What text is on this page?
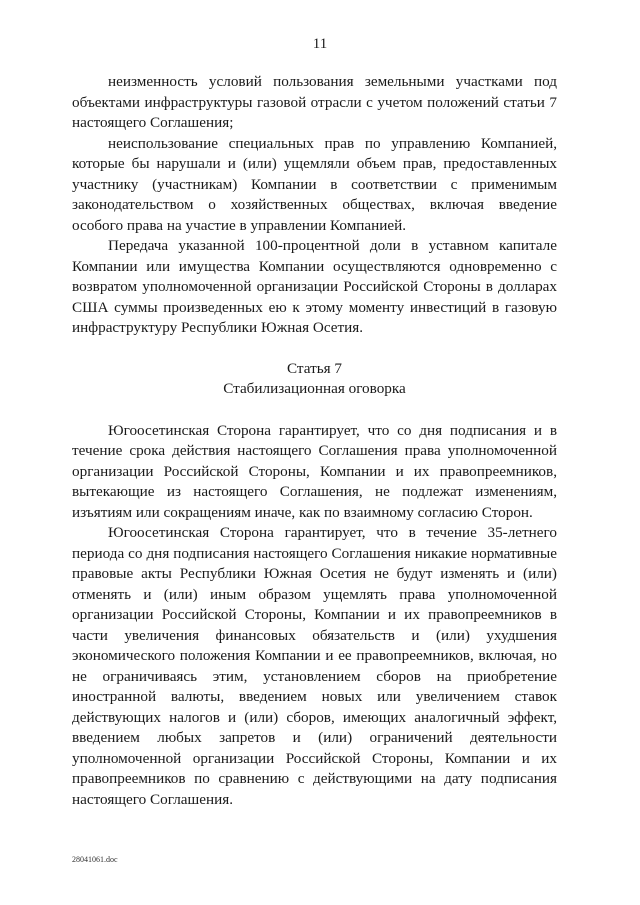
11

неизменность условий пользования земельными участками под объектами инфраструктуры газовой отрасли с учетом положений статьи 7 настоящего Соглашения;

неиспользование специальных прав по управлению Компанией, которые бы нарушали и (или) ущемляли объем прав, предоставленных участнику (участникам) Компании в соответствии с применимым законодательством о хозяйственных обществах, включая введение особого права на участие в управлении Компанией.

Передача указанной 100-процентной доли в уставном капитале Компании или имущества Компании осуществляются одновременно с возвратом уполномоченной организации Российской Стороны в долларах США суммы произведенных ею к этому моменту инвестиций в газовую инфраструктуру Республики Южная Осетия.

Статья 7
Стабилизационная оговорка

Югоосетинская Сторона гарантирует, что со дня подписания и в течение срока действия настоящего Соглашения права уполномоченной организации Российской Стороны, Компании и их правопреемников, вытекающие из настоящего Соглашения, не подлежат изменениям, изъятиям или сокращениям иначе, как по взаимному согласию Сторон.

Югоосетинская Сторона гарантирует, что в течение 35-летнего периода со дня подписания настоящего Соглашения никакие нормативные правовые акты Республики Южная Осетия не будут изменять и (или) отменять и (или) иным образом ущемлять права уполномоченной организации Российской Стороны, Компании и их правопреемников в части увеличения финансовых обязательств и (или) ухудшения экономического положения Компании и ее правопреемников, включая, но не ограничиваясь этим, установлением сборов на приобретение иностранной валюты, введением новых или увеличением ставок действующих налогов и (или) сборов, имеющих аналогичный эффект, введением любых запретов и (или) ограничений деятельности уполномоченной организации Российской Стороны, Компании и их правопреемников по сравнению с действующими на дату подписания настоящего Соглашения.

28041061.doc
